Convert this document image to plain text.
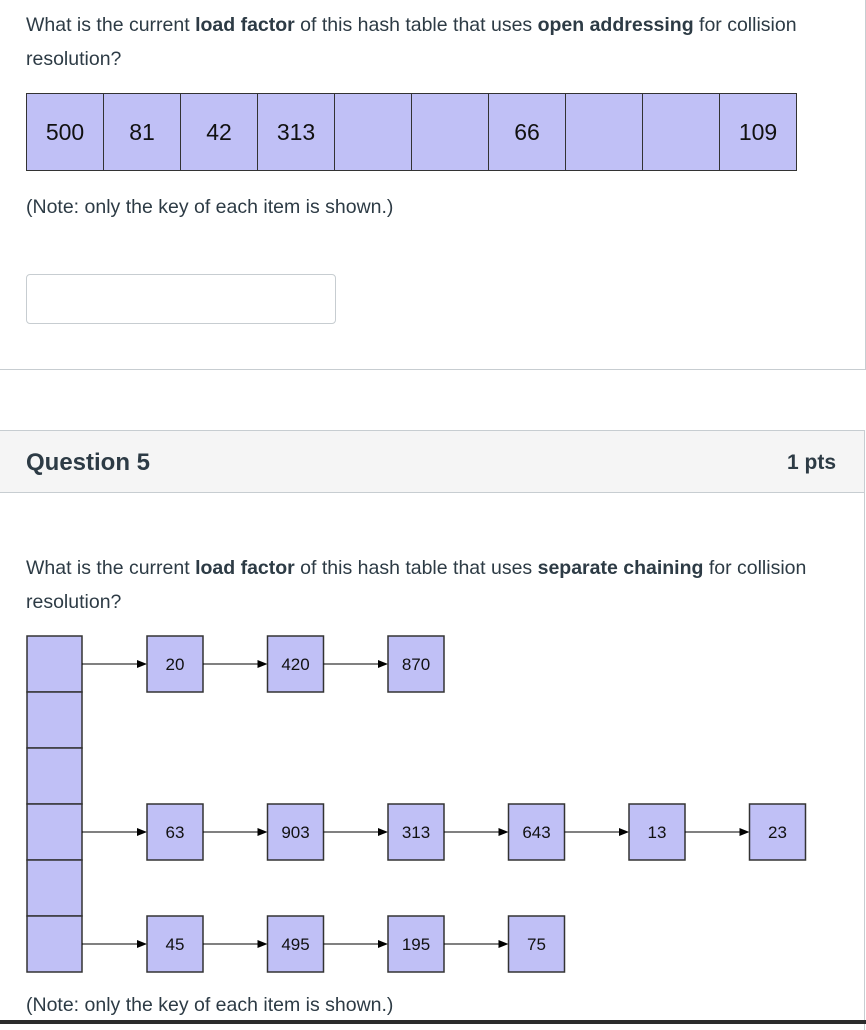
What is the current load factor of this hash table that uses open addressing for collision resolution?
500	81	42	313	66	109
(Note: only the key of each item is shown.)
Question 5	1 pts
What is the current load factor of this hash table that uses separate chaining for collision resolution?
20	420	870
63	903	313	643	13	23
45	495	195	75
(Note: only the key of each item is shown.)
